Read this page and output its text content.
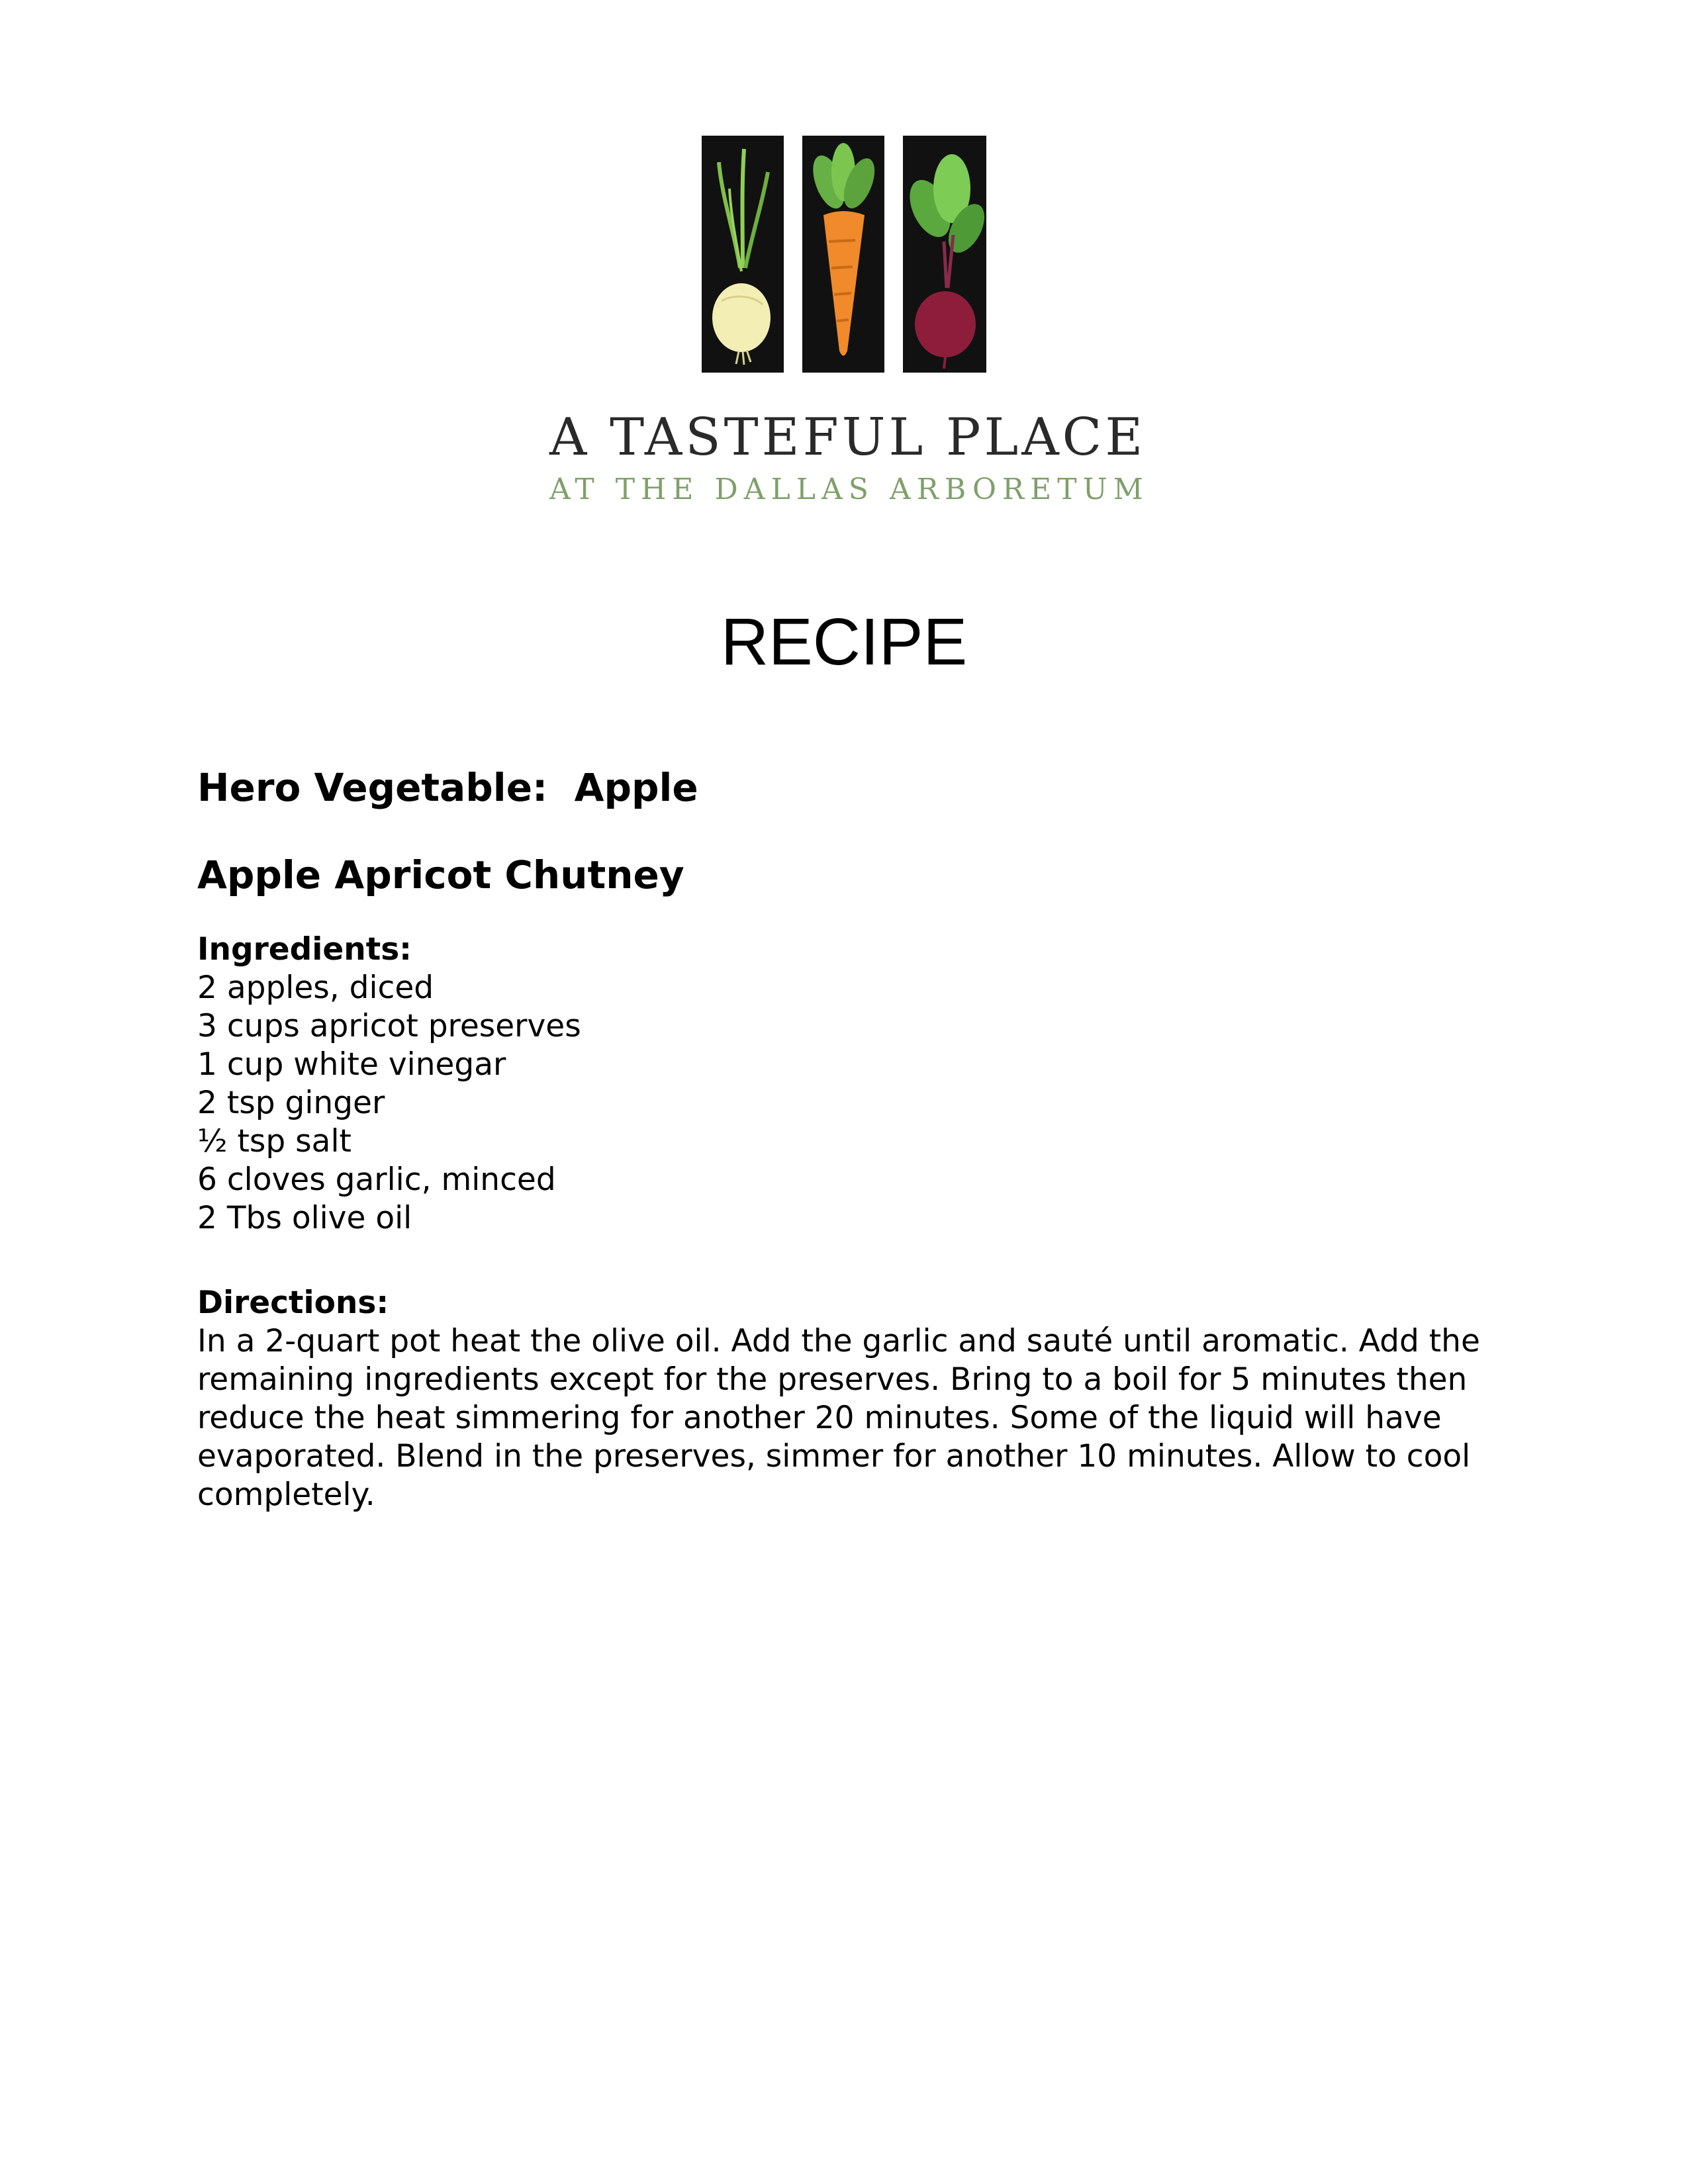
A TASTEFUL PLACE
AT THE DALLAS ARBORETUM
RECIPE

Hero Vegetable:  Apple

Apple Apricot Chutney

Ingredients:
2 apples, diced
3 cups apricot preserves
1 cup white vinegar
2 tsp ginger
½ tsp salt
6 cloves garlic, minced
2 Tbs olive oil
Directions:

In a 2-quart pot heat the olive oil. Add the garlic and sauté until aromatic. Add the remaining ingredients except for the preserves. Bring to a boil for 5 minutes then reduce the heat simmering for another 20 minutes. Some of the liquid will have evaporated. Blend in the preserves, simmer for another 10 minutes. Allow to cool completely.
